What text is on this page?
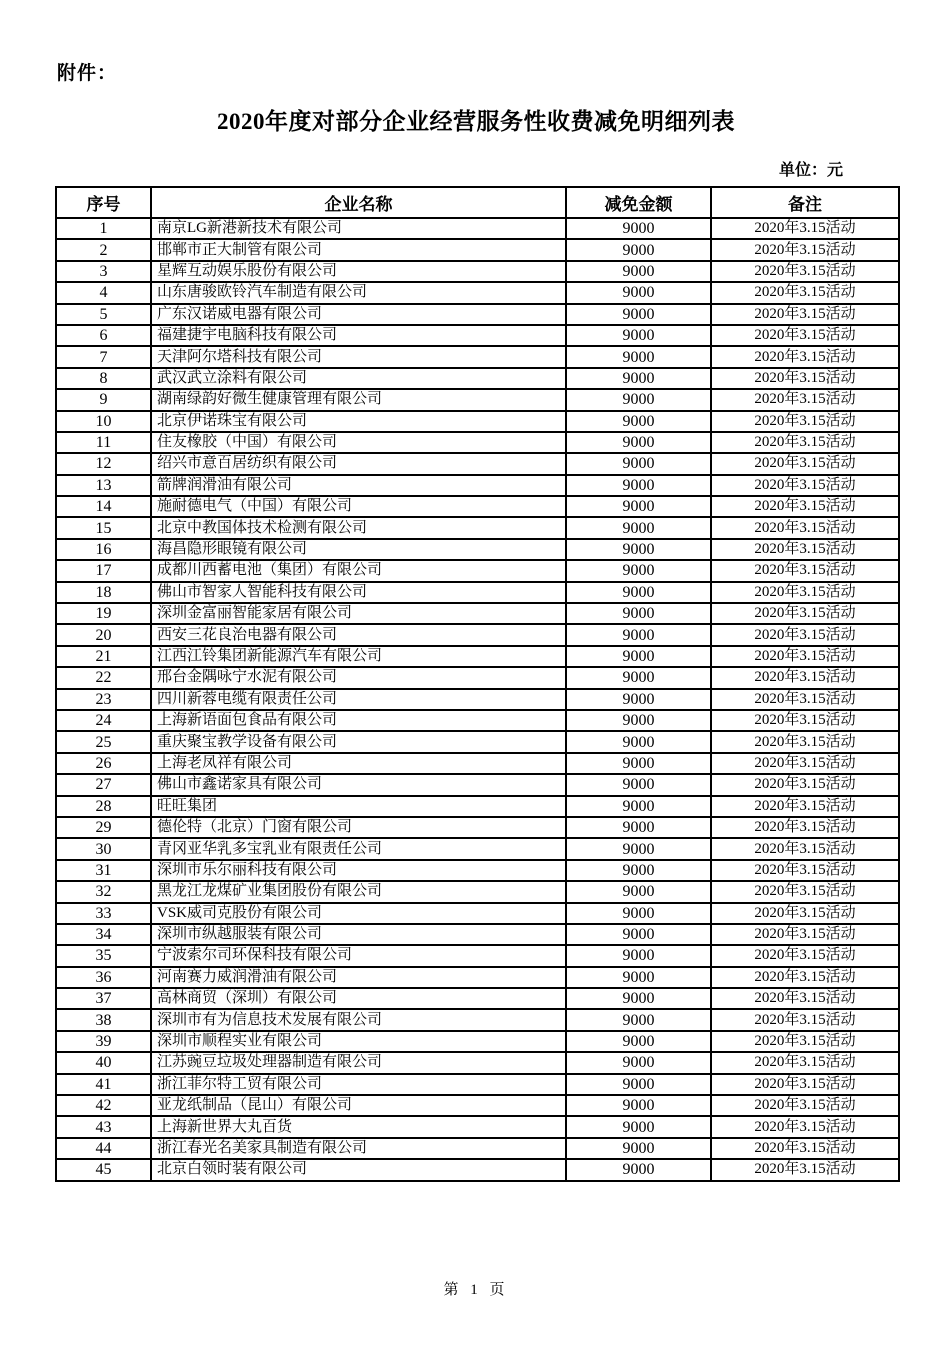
附件：
2020年度对部分企业经营服务性收费减免明细列表
单位：元
序号	企业名称	减免金额	备注
1	南京LG新港新技术有限公司	9000	2020年3.15活动
2	邯郸市正大制管有限公司	9000	2020年3.15活动
3	星辉互动娱乐股份有限公司	9000	2020年3.15活动
4	山东唐骏欧铃汽车制造有限公司	9000	2020年3.15活动
5	广东汉诺威电器有限公司	9000	2020年3.15活动
6	福建捷宇电脑科技有限公司	9000	2020年3.15活动
7	天津阿尔塔科技有限公司	9000	2020年3.15活动
8	武汉武立涂料有限公司	9000	2020年3.15活动
9	湖南绿韵好微生健康管理有限公司	9000	2020年3.15活动
10	北京伊诺珠宝有限公司	9000	2020年3.15活动
11	住友橡胶（中国）有限公司	9000	2020年3.15活动
12	绍兴市意百居纺织有限公司	9000	2020年3.15活动
13	箭牌润滑油有限公司	9000	2020年3.15活动
14	施耐德电气（中国）有限公司	9000	2020年3.15活动
15	北京中教国体技术检测有限公司	9000	2020年3.15活动
16	海昌隐形眼镜有限公司	9000	2020年3.15活动
17	成都川西蓄电池（集团）有限公司	9000	2020年3.15活动
18	佛山市智家人智能科技有限公司	9000	2020年3.15活动
19	深圳金富丽智能家居有限公司	9000	2020年3.15活动
20	西安三花良治电器有限公司	9000	2020年3.15活动
21	江西江铃集团新能源汽车有限公司	9000	2020年3.15活动
22	邢台金隅咏宁水泥有限公司	9000	2020年3.15活动
23	四川新蓉电缆有限责任公司	9000	2020年3.15活动
24	上海新语面包食品有限公司	9000	2020年3.15活动
25	重庆聚宝教学设备有限公司	9000	2020年3.15活动
26	上海老凤祥有限公司	9000	2020年3.15活动
27	佛山市鑫诺家具有限公司	9000	2020年3.15活动
28	旺旺集团	9000	2020年3.15活动
29	德伦特（北京）门窗有限公司	9000	2020年3.15活动
30	青冈亚华乳多宝乳业有限责任公司	9000	2020年3.15活动
31	深圳市乐尔丽科技有限公司	9000	2020年3.15活动
32	黑龙江龙煤矿业集团股份有限公司	9000	2020年3.15活动
33	VSK威司克股份有限公司	9000	2020年3.15活动
34	深圳市纵越服装有限公司	9000	2020年3.15活动
35	宁波索尔司环保科技有限公司	9000	2020年3.15活动
36	河南赛力威润滑油有限公司	9000	2020年3.15活动
37	高林商贸（深圳）有限公司	9000	2020年3.15活动
38	深圳市有为信息技术发展有限公司	9000	2020年3.15活动
39	深圳市顺程实业有限公司	9000	2020年3.15活动
40	江苏豌豆垃圾处理器制造有限公司	9000	2020年3.15活动
41	浙江菲尔特工贸有限公司	9000	2020年3.15活动
42	亚龙纸制品（昆山）有限公司	9000	2020年3.15活动
43	上海新世界大丸百货	9000	2020年3.15活动
44	浙江春光名美家具制造有限公司	9000	2020年3.15活动
45	北京白领时装有限公司	9000	2020年3.15活动
第 1 页
